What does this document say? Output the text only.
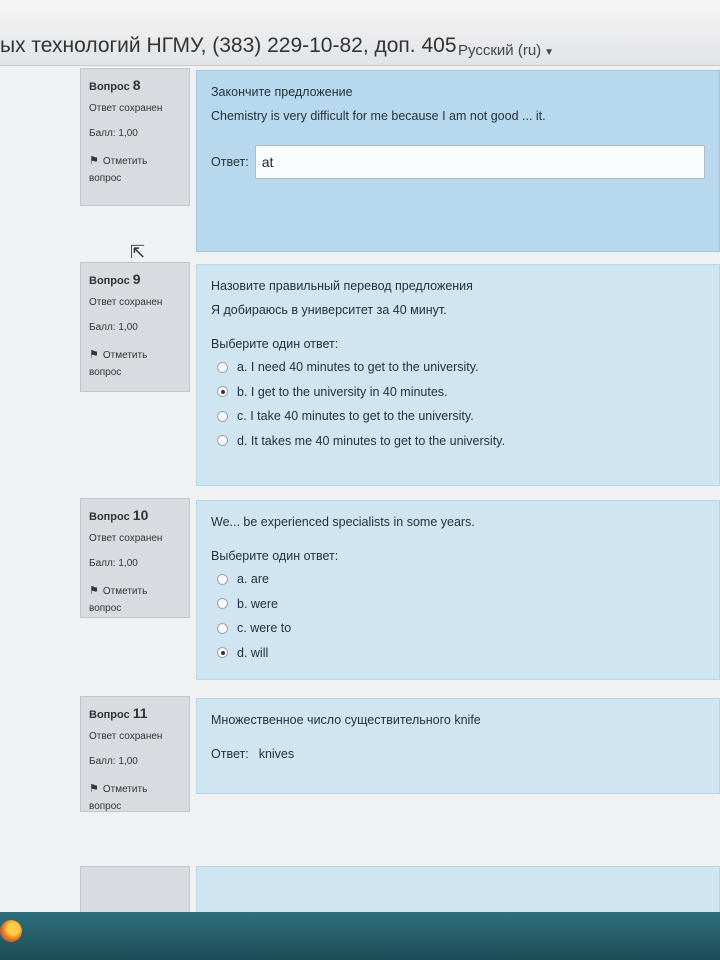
ых технологий НГМУ, (383) 229-10-82, доп. 405 Русский (ru) ▼
Вопрос 8
Ответ сохранен
Балл: 1,00
⚑ Отметить вопрос

Закончите предложение

Chemistry is very difficult for me because I am not good ... it.

Ответ:
at
Вопрос 9
Ответ сохранен
Балл: 1,00
⚑ Отметить вопрос

Назовите правильный перевод предложения

Я добираюсь в университет за 40 минут.

Выберите один ответ:
a. I need 40 minutes to get to the university.
b. I get to the university in 40 minutes.
c. I take 40 minutes to get to the university.
d. It takes me 40 minutes to get to the university.
Вопрос 10
Ответ сохранен
Балл: 1,00
⚑ Отметить вопрос

We... be experienced specialists in some years.

Выберите один ответ:
a. are
b. were
c. were to
d. will
Вопрос 11
Ответ сохранен
Балл: 1,00
⚑ Отметить вопрос

Множественное число существительного knife

Ответ: knives
⇱
